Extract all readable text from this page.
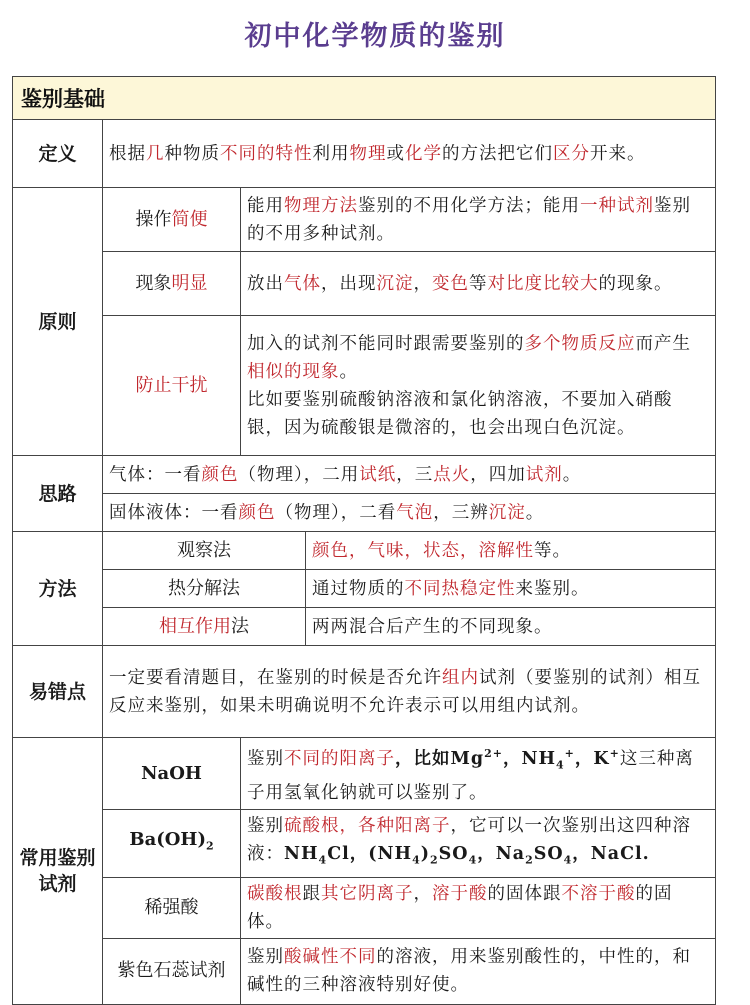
初中化学物质的鉴别
鉴别基础			
定义	根据几种物质不同的特性利用物理或化学的方法把它们区分开来。		
原则	操作简便	能用物理方法鉴别的不用化学方法；能用一种试剂鉴别的不用多种试剂。	
	现象明显	放出气体，出现沉淀，变色等对比度比较大的现象。	
	防止干扰	加入的试剂不能同时跟需要鉴别的多个物质反应而产生相似的现象。
比如要鉴别硫酸钠溶液和氯化钠溶液，不要加入硝酸银，因为硫酸银是微溶的，也会出现白色沉淀。	

思路	气体：一看颜色（物理），二用试纸，三点火，四加试剂。		
	固体液体：一看颜色（物理），二看气泡，三辨沉淀。		
方法	观察法		颜色，气味，状态，溶解性等。
	热分解法		通过物质的不同热稳定性来鉴别。
	相互作用法		两两混合后产生的不同现象。
易错点	一定要看清题目，在鉴别的时候是否允许组内试剂（要鉴别的试剂）相互反应来鉴别，如果未明确说明不允许表示可以用组内试剂。		
常用鉴别试剂	NaOH	鉴别不同的阳离子，比如$Mg^{2+}$，$NH_4^+$，K+这三种离子用氢氧化钠就可以鉴别了。	
	$Ba(OH)_2$	鉴别硫酸根，各种阳离子，它可以一次鉴别出这四种溶液：$NH_4Cl$，$(NH_4)_2SO_4$，$Na_2SO_4$，NaCl.	
	稀强酸	碳酸根跟其它阴离子，溶于酸的固体跟不溶于酸的固体。	
	紫色石蕊试剂	鉴别酸碱性不同的溶液，用来鉴别酸性的，中性的，和碱性的三种溶液特别好使。	
